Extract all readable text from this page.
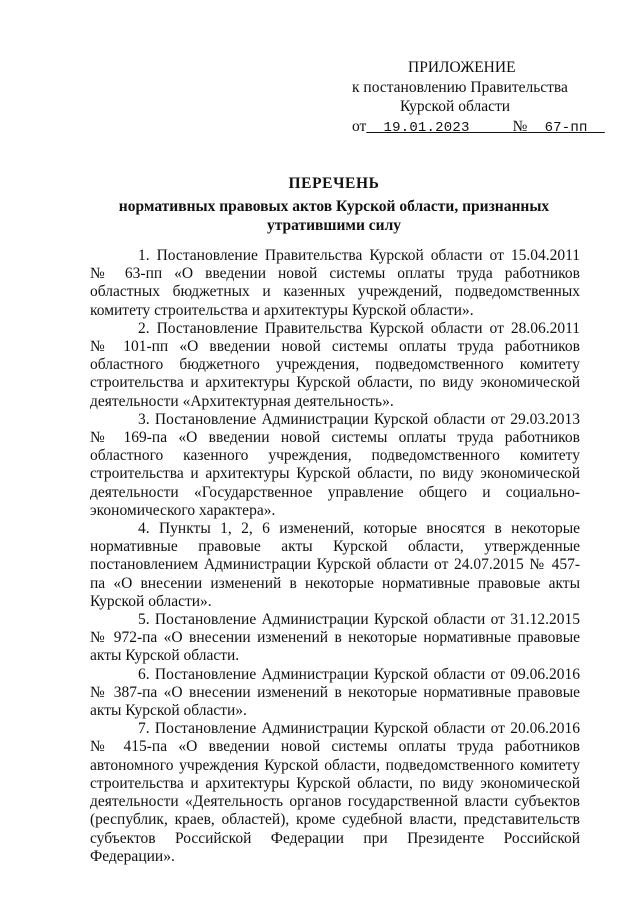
ПРИЛОЖЕНИЕ
к постановлению Правительства
Курской области
от 19.01.2023	№ 67-пп
ПЕРЕЧЕНЬ
нормативных правовых актов Курской области, признанных утратившими силу

1. Постановление Правительства Курской области от 15.04.2011 № 63-пп «О введении новой системы оплаты труда работников областных бюджетных и казенных учреждений, подведомственных комитету строительства и архитектуры Курской области».

2. Постановление Правительства Курской области от 28.06.2011 № 101-пп «О введении новой системы оплаты труда работников областного бюджетного учреждения, подведомственного комитету строительства и архитектуры Курской области, по виду экономической деятельности «Архитектурная деятельность».

3. Постановление Администрации Курской области от 29.03.2013 № 169-па «О введении новой системы оплаты труда работников областного казенного учреждения, подведомственного комитету строительства и архитектуры Курской области, по виду экономической деятельности «Государственное управление общего и социально-экономического характера».

4. Пункты 1, 2, 6 изменений, которые вносятся в некоторые нормативные правовые акты Курской области, утвержденные постановлением Администрации Курской области от 24.07.2015 № 457-па «О внесении изменений в некоторые нормативные правовые акты Курской области».

5. Постановление Администрации Курской области от 31.12.2015 № 972-па «О внесении изменений в некоторые нормативные правовые акты Курской области.

6. Постановление Администрации Курской области от 09.06.2016 № 387-па «О внесении изменений в некоторые нормативные правовые акты Курской области».

7. Постановление Администрации Курской области от 20.06.2016 № 415-па «О введении новой системы оплаты труда работников автономного учреждения Курской области, подведомственного комитету строительства и архитектуры Курской области, по виду экономической деятельности «Деятельность органов государственной власти субъектов (республик, краев, областей), кроме судебной власти, представительств субъектов Российской Федерации при Президенте Российской Федерации».
